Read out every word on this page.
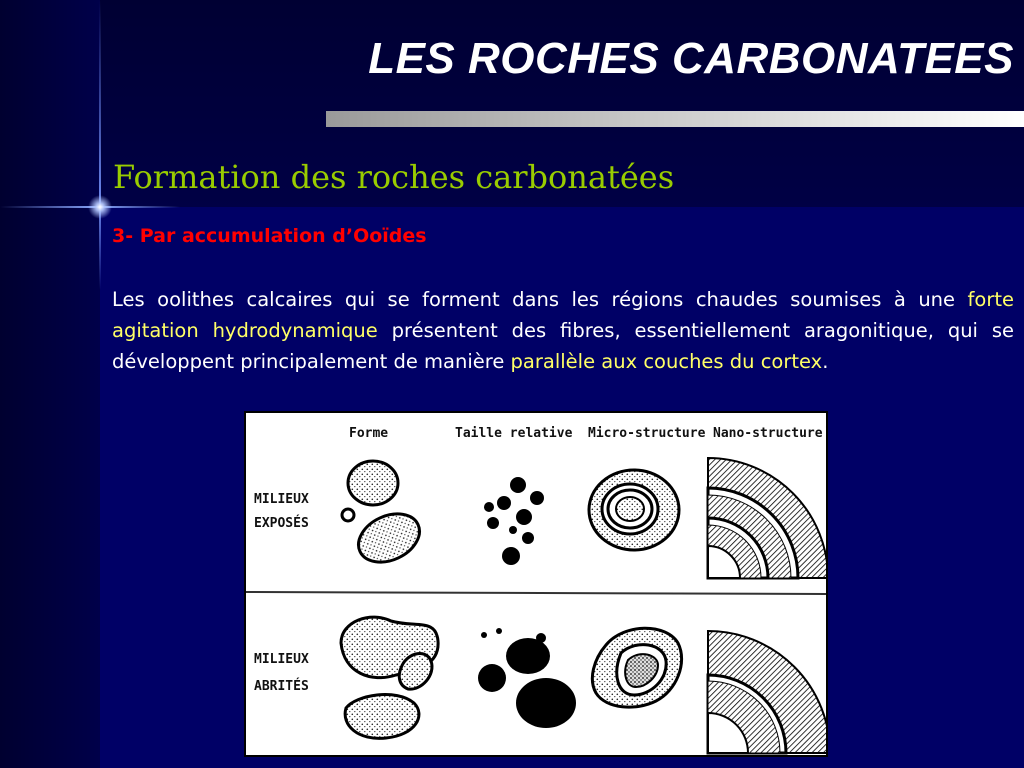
LES ROCHES CARBONATEES
Formation des roches carbonatées
3- Par accumulation d’Ooïdes

Les oolithes calcaires qui se forment dans les régions chaudes soumises à une forte agitation hydrodynamique présentent des fibres, essentiellement aragonitique, qui se développent principalement de manière parallèle aux couches du cortex.

Forme	Taille relative Micro-structure Nano-structure
MILIEUX
EXPOSÉS
MILIEUX
ABRITÉS
